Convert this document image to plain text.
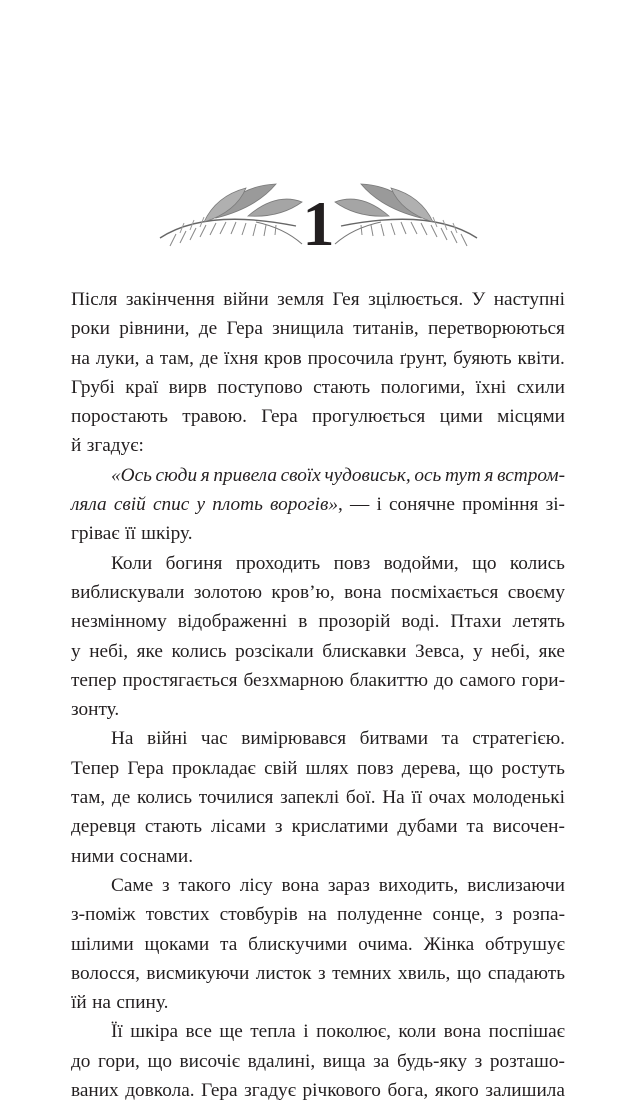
1
Після закінчення війни земля Гея зцілюється. У наступні
роки рівнини, де Гера знищила титанів, перетворюються
на луки, а там, де їхня кров просочила ґрунт, буяють квіти.
Грубі краї вирв поступово стають пологими, їхні схили
поростають травою. Гера прогулюється цими місцями
й згадує:
«Ось сюди я привела своїх чудовиськ, ось тут я встром-
ляла свій спис у плоть ворогів», — і сонячне проміння зі-
гріває її шкіру.
Коли богиня проходить повз водойми, що колись
виблискували золотою кров’ю, вона посміхається своєму
незмінному відображенні в прозорій воді. Птахи летять
у небі, яке колись розсікали блискавки Зевса, у небі, яке
тепер простягається безхмарною блакиттю до самого гори-
зонту.
На війні час вимірювався битвами та стратегією.
Тепер Гера прокладає свій шлях повз дерева, що ростуть
там, де колись точилися запеклі бої. На її очах молоденькі
деревця стають лісами з крислатими дубами та височен-
ними соснами.
Саме з такого лісу вона зараз виходить, вислизаючи
з-поміж товстих стовбурів на полуденне сонце, з розпа-
шілими щоками та блискучими очима. Жінка обтрушує
волосся, висмикуючи листок з темних хвиль, що спадають
їй на спину.
Її шкіра все ще тепла і поколює, коли вона поспішає
до гори, що височіє вдалині, вища за будь-яку з розташо-
ваних довкола. Гера згадує річкового бога, якого залишила
